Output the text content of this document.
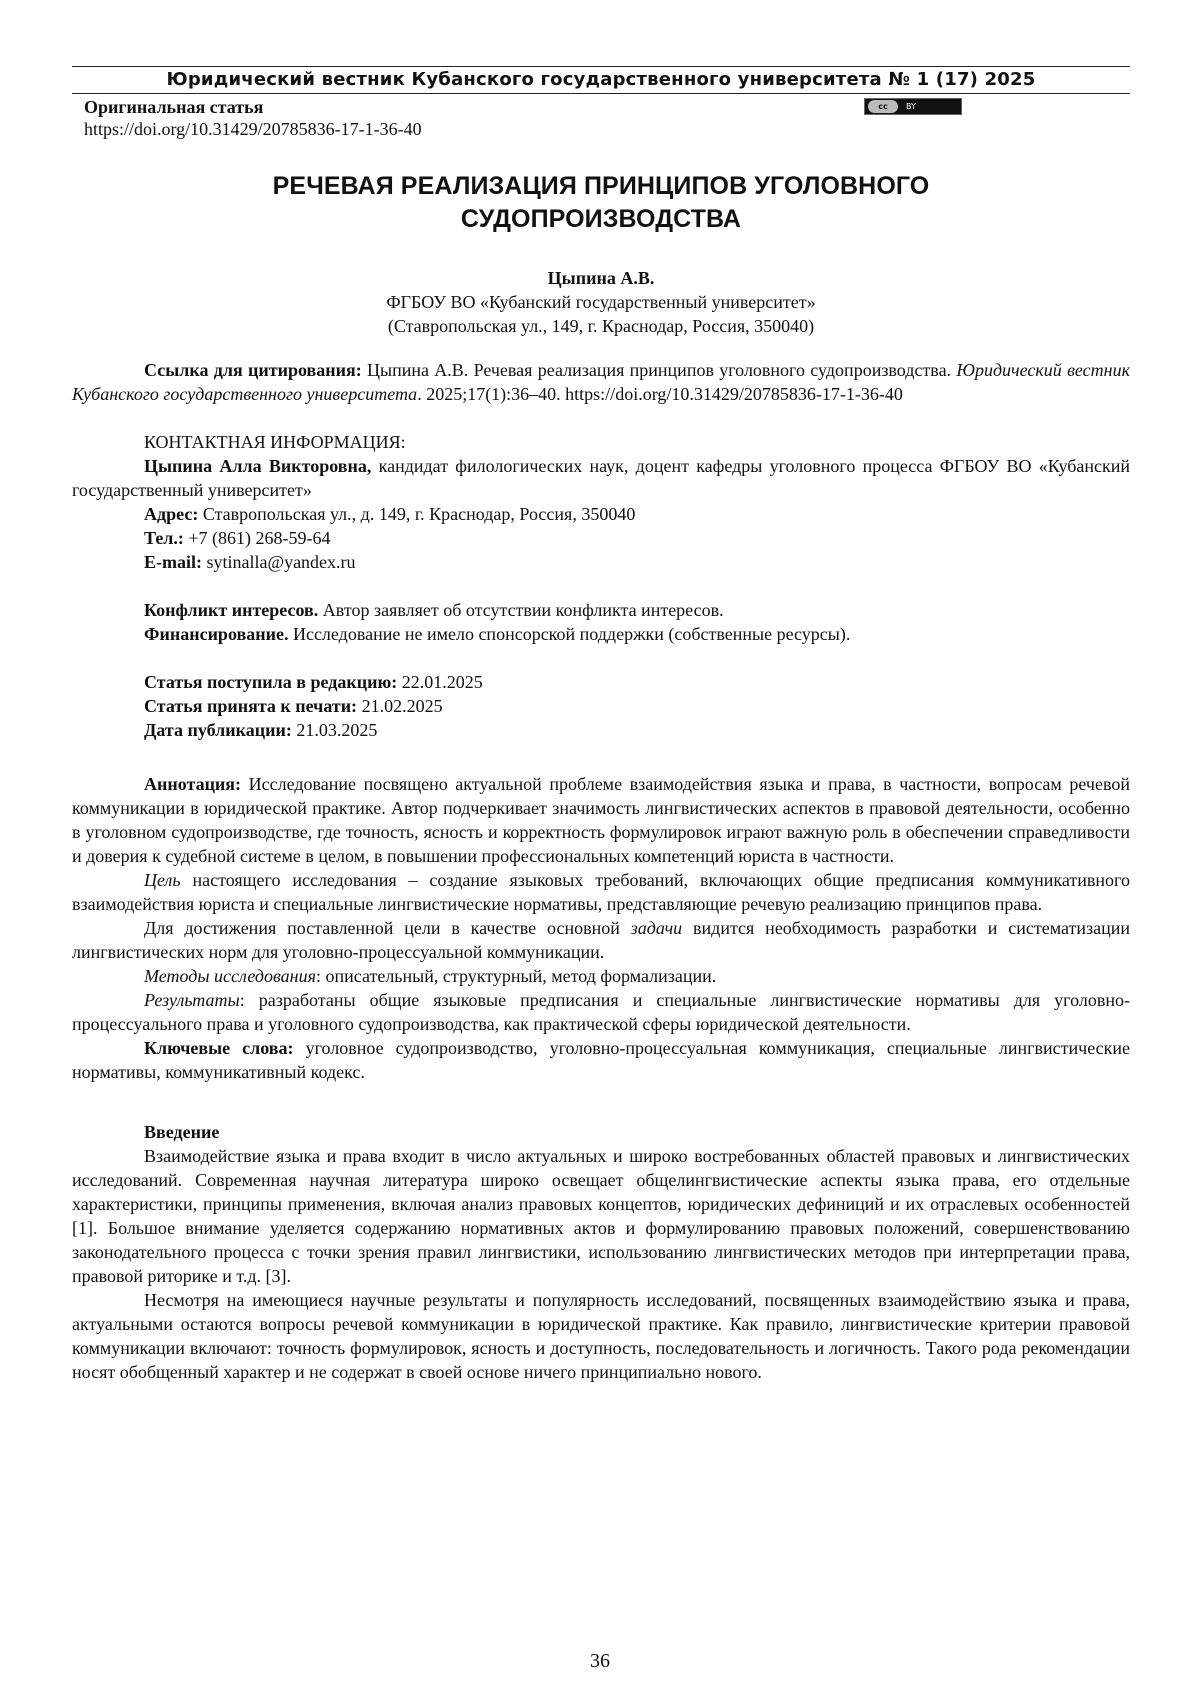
Юридический вестник Кубанского государственного университета № 1 (17) 2025
Оригинальная статья
https://doi.org/10.31429/20785836-17-1-36-40
cc	BY
РЕЧЕВАЯ РЕАЛИЗАЦИЯ ПРИНЦИПОВ УГОЛОВНОГО
СУДОПРОИЗВОДСТВА
Цыпина А.В.
ФГБОУ ВО «Кубанский государственный университет»
(Ставропольская ул., 149, г. Краснодар, Россия, 350040)

Ссылка для цитирования: Цыпина А.В. Речевая реализация принципов уголовного судопроизводства. Юридический вестник Кубанского государственного университета. 2025;17(1):36–40. https://doi.org/10.31429/20785836-17-1-36-40

КОНТАКТНАЯ ИНФОРМАЦИЯ:

Цыпина Алла Викторовна, кандидат филологических наук, доцент кафедры уголовного процесса ФГБОУ ВО «Кубанский государственный университет»

Адрес: Ставропольская ул., д. 149, г. Краснодар, Россия, 350040

Тел.: +7 (861) 268-59-64

E-mail: sytinalla@yandex.ru

Конфликт интересов. Автор заявляет об отсутствии конфликта интересов.

Финансирование. Исследование не имело спонсорской поддержки (собственные ресурсы).

Статья поступила в редакцию: 22.01.2025

Статья принята к печати: 21.02.2025

Дата публикации: 21.03.2025

Аннотация: Исследование посвящено актуальной проблеме взаимодействия языка и права, в частности, вопросам речевой коммуникации в юридической практике. Автор подчеркивает значимость лингвистических аспектов в правовой деятельности, особенно в уголовном судопроизводстве, где точность, ясность и корректность формулировок играют важную роль в обеспечении справедливости и доверия к судебной системе в целом, в повышении профессиональных компетенций юриста в частности.

Цель настоящего исследования – создание языковых требований, включающих общие предписания коммуникативного взаимодействия юриста и специальные лингвистические нормативы, представляющие речевую реализацию принципов права.

Для достижения поставленной цели в качестве основной задачи видится необходимость разработки и систематизации лингвистических норм для уголовно-процессуальной коммуникации.

Методы исследования: описательный, структурный, метод формализации.

Результаты: разработаны общие языковые предписания и специальные лингвистические нормативы для уголовно-процессуального права и уголовного судопроизводства, как практической сферы юридической деятельности.

Ключевые слова: уголовное судопроизводство, уголовно-процессуальная коммуникация, специальные лингвистические нормативы, коммуникативный кодекс.

Введение

Взаимодействие языка и права входит в число актуальных и широко востребованных областей правовых и лингвистических исследований. Современная научная литература широко освещает общелингвистические аспекты языка права, его отдельные характеристики, принципы применения, включая анализ правовых концептов, юридических дефиниций и их отраслевых особенностей [1]. Большое внимание уделяется содержанию нормативных актов и формулированию правовых положений, совершенствованию законодательного процесса с точки зрения правил лингвистики, использованию лингвистических методов при интерпретации права, правовой риторике и т.д. [3].

Несмотря на имеющиеся научные результаты и популярность исследований, посвященных взаимодействию языка и права, актуальными остаются вопросы речевой коммуникации в юридической практике. Как правило, лингвистические критерии правовой коммуникации включают: точность формулировок, ясность и доступность, последовательность и логичность. Такого рода рекомендации носят обобщенный характер и не содержат в своей основе ничего принципиально нового.

36
